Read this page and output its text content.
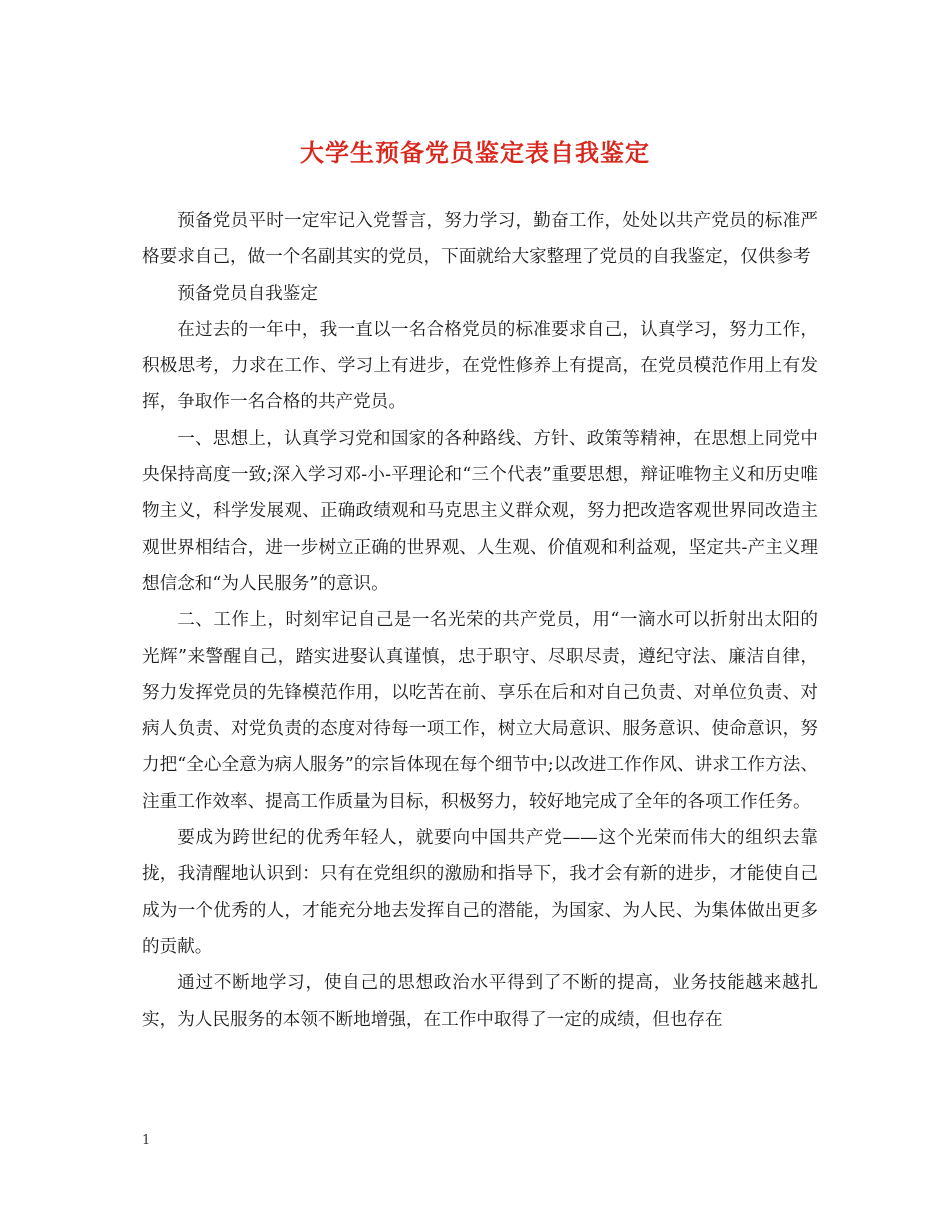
大学生预备党员鉴定表自我鉴定

预备党员平时一定牢记入党誓言，努力学习，勤奋工作，处处以共产党员的标准严格要求自己，做一个名副其实的党员，下面就给大家整理了党员的自我鉴定，仅供参考

预备党员自我鉴定

在过去的一年中，我一直以一名合格党员的标准要求自己，认真学习，努力工作，积极思考，力求在工作、学习上有进步，在党性修养上有提高，在党员模范作用上有发挥，争取作一名合格的共产党员。

一、思想上，认真学习党和国家的各种路线、方针、政策等精神，在思想上同党中央保持高度一致;深入学习邓-小-平理论和“三个代表”重要思想，辩证唯物主义和历史唯物主义，科学发展观、正确政绩观和马克思主义群众观，努力把改造客观世界同改造主观世界相结合，进一步树立正确的世界观、人生观、价值观和利益观，坚定共-产主义理想信念和“为人民服务”的意识。

二、工作上，时刻牢记自己是一名光荣的共产党员，用“一滴水可以折射出太阳的光辉”来警醒自己，踏实进娶认真谨慎，忠于职守、尽职尽责，遵纪守法、廉洁自律，努力发挥党员的先锋模范作用，以吃苦在前、享乐在后和对自己负责、对单位负责、对病人负责、对党负责的态度对待每一项工作，树立大局意识、服务意识、使命意识，努力把“全心全意为病人服务”的宗旨体现在每个细节中;以改进工作作风、讲求工作方法、注重工作效率、提高工作质量为目标，积极努力，较好地完成了全年的各项工作任务。

要成为跨世纪的优秀年轻人，就要向中国共产党——这个光荣而伟大的组织去靠拢，我清醒地认识到：只有在党组织的激励和指导下，我才会有新的进步，才能使自己成为一个优秀的人，才能充分地去发挥自己的潜能，为国家、为人民、为集体做出更多的贡献。

通过不断地学习，使自己的思想政治水平得到了不断的提高，业务技能越来越扎实，为人民服务的本领不断地增强，在工作中取得了一定的成绩，但也存在

1
